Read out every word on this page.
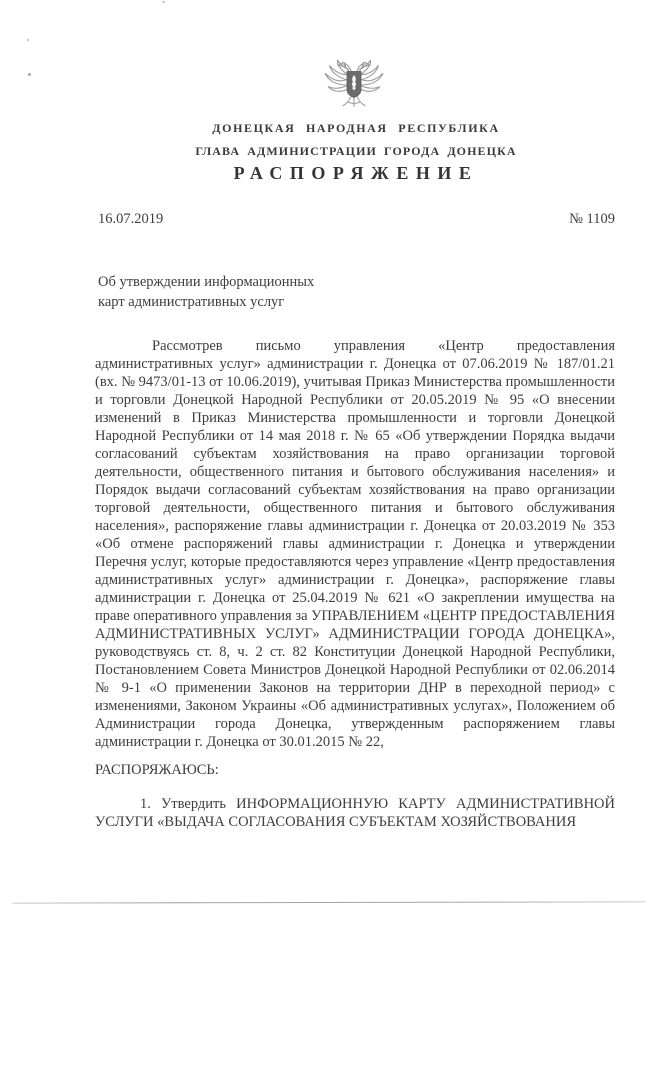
ДОНЕЦКАЯ НАРОДНАЯ РЕСПУБЛИКА
ГЛАВА АДМИНИСТРАЦИИ ГОРОДА ДОНЕЦКА
РАСПОРЯЖЕНИЕ
16.07.2019	№ 1109
Об утверждении информационных
карт административных услуг

Рассмотрев письмо управления «Центр предоставления административных услуг» администрации г. Донецка от 07.06.2019 № 187/01.21 (вх. № 9473/01-13 от 10.06.2019), учитывая Приказ Министерства промышленности и торговли Донецкой Народной Республики от 20.05.2019 № 95 «О внесении изменений в Приказ Министерства промышленности и торговли Донецкой Народной Республики от 14 мая 2018 г. № 65 «Об утверждении Порядка выдачи согласований субъектам хозяйствования на право организации торговой деятельности, общественного питания и бытового обслуживания населения» и Порядок выдачи согласований субъектам хозяйствования на право организации торговой деятельности, общественного питания и бытового обслуживания населения», распоряжение главы администрации г. Донецка от 20.03.2019 № 353 «Об отмене распоряжений главы администрации г. Донецка и утверждении Перечня услуг, которые предоставляются через управление «Центр предоставления административных услуг» администрации г. Донецка», распоряжение главы администрации г. Донецка от 25.04.2019 № 621 «О закреплении имущества на праве оперативного управления за УПРАВЛЕНИЕМ «ЦЕНТР ПРЕДОСТАВЛЕНИЯ АДМИНИСТРАТИВНЫХ УСЛУГ» АДМИНИСТРАЦИИ ГОРОДА ДОНЕЦКА», руководствуясь ст. 8, ч. 2 ст. 82 Конституции Донецкой Народной Республики, Постановлением Совета Министров Донецкой Народной Республики от 02.06.2014 № 9-1 «О применении Законов на территории ДНР в переходной период» с изменениями, Законом Украины «Об административных услугах», Положением об Администрации города Донецка, утвержденным распоряжением главы администрации г. Донецка от 30.01.2015 № 22,

РАСПОРЯЖАЮСЬ:

1. Утвердить ИНФОРМАЦИОННУЮ КАРТУ АДМИНИСТРАТИВНОЙ УСЛУГИ «ВЫДАЧА СОГЛАСОВАНИЯ СУБЪЕКТАМ ХОЗЯЙСТВОВАНИЯ
